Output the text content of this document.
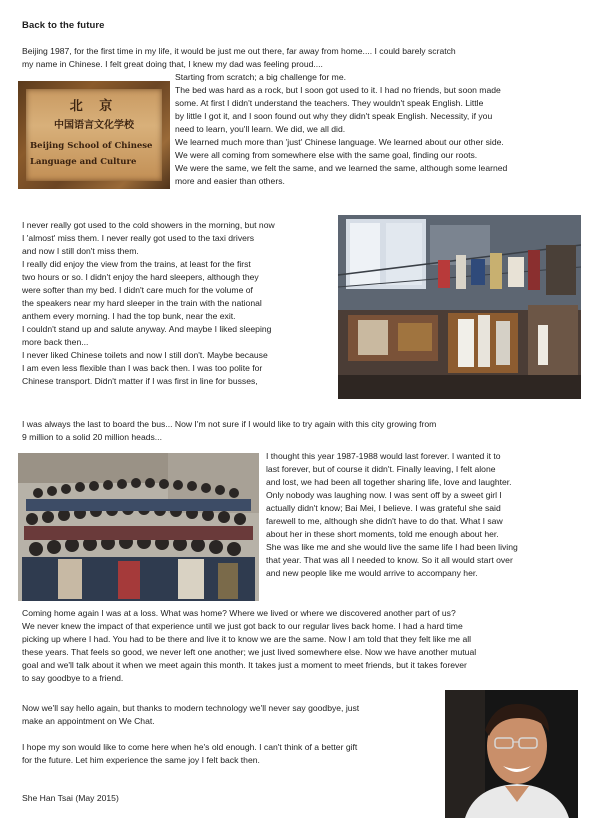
Back to the future
Beijing 1987, for the first time in my life, it would be just me out there, far away from home.... I could barely scratch
my name in Chinese. I felt great doing that, I knew my dad was feeling proud....
北 京
中国语言文化学校
Beijing School of Chinese
Language and Culture
Starting from scratch; a big challenge for me.
The bed was hard as a rock, but I soon got used to it. I had no friends, but soon made
some. At first I didn't understand the teachers. They wouldn't speak English. Little
by little I got it, and I soon found out why they didn't speak English. Necessity, if you
need to learn, you'll learn. We did, we all did.
We learned much more than 'just' Chinese language. We learned about our other side.
We were all coming from somewhere else with the same goal, finding our roots.
We were the same, we felt the same, and we learned the same, although some learned
more and easier than others.
I never really got used to the cold showers in the morning, but now
I 'almost' miss them. I never really got used to the taxi drivers
and now I still don't miss them.
I really did enjoy the view from the trains, at least for the first
two hours or so. I didn't enjoy the hard sleepers, although they
were softer than my bed. I didn't care much for the volume of
the speakers near my hard sleeper in the train with the national
anthem every morning. I had the top bunk, near the exit.
I couldn't stand up and salute anyway. And maybe I liked sleeping
more back then...
I never liked Chinese toilets and now I still don't. Maybe because
I am even less flexible than I was back then. I was too polite for
Chinese transport. Didn't matter if I was first in line for busses,
I was always the last to board the bus... Now I'm not sure if I would like to try again with this city growing from
9 million to a solid 20 million heads...
I thought this year 1987-1988 would last forever. I wanted it to
last forever, but of course it didn't. Finally leaving, I felt alone
and lost, we had been all together sharing life, love and laughter.
Only nobody was laughing now. I was sent off by a sweet girl I
actually didn't know; Bai Mei, I believe. I was grateful she said
farewell to me, although she didn't have to do that. What I saw
about her in these short moments, told me enough about her.
She was like me and she would live the same life I had been living
that year. That was all I needed to know. So it all would start over
and new people like me would arrive to accompany her.
Coming home again I was at a loss. What was home? Where we lived or where we discovered another part of us?
We never knew the impact of that experience until we just got back to our regular lives back home. I had a hard time
picking up where I had. You had to be there and live it to know we are the same. Now I am told that they felt like me all
these years. That feels so good, we never left one another; we just lived somewhere else. Now we have another mutual
goal and we'll talk about it when we meet again this month. It takes just a moment to meet friends, but it takes forever
to say goodbye to a friend.
Now we'll say hello again, but thanks to modern technology we'll never say goodbye, just
make an appointment on We Chat.
I hope my son would like to come here when he's old enough. I can't think of a better gift
for the future. Let him experience the same joy I felt back then.
She Han Tsai (May 2015)
